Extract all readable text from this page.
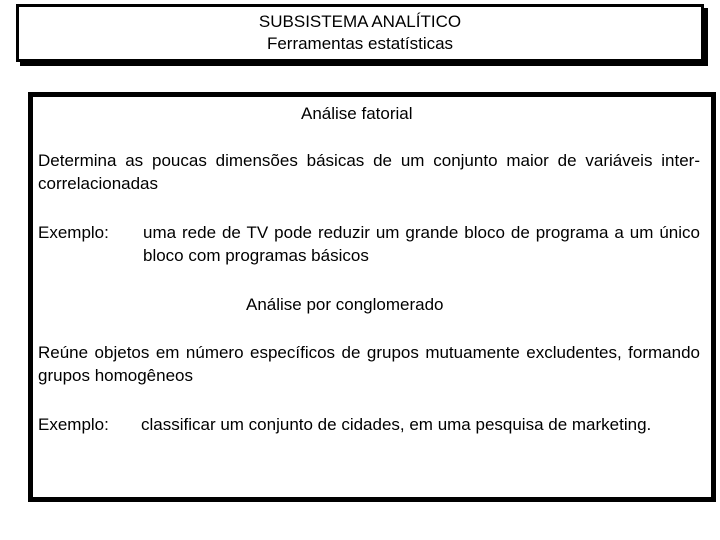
SUBSISTEMA ANALÍTICO
Ferramentas estatísticas
Análise fatorial
Determina as poucas dimensões básicas de um conjunto maior de variáveis inter-correlacionadas
Exemplo: uma rede de TV pode reduzir um grande bloco de programa a um único bloco com programas básicos
Análise por conglomerado
Reúne objetos em número específicos de grupos mutuamente excludentes, formando grupos homogêneos
Exemplo: classificar um conjunto de cidades, em uma pesquisa de marketing.
